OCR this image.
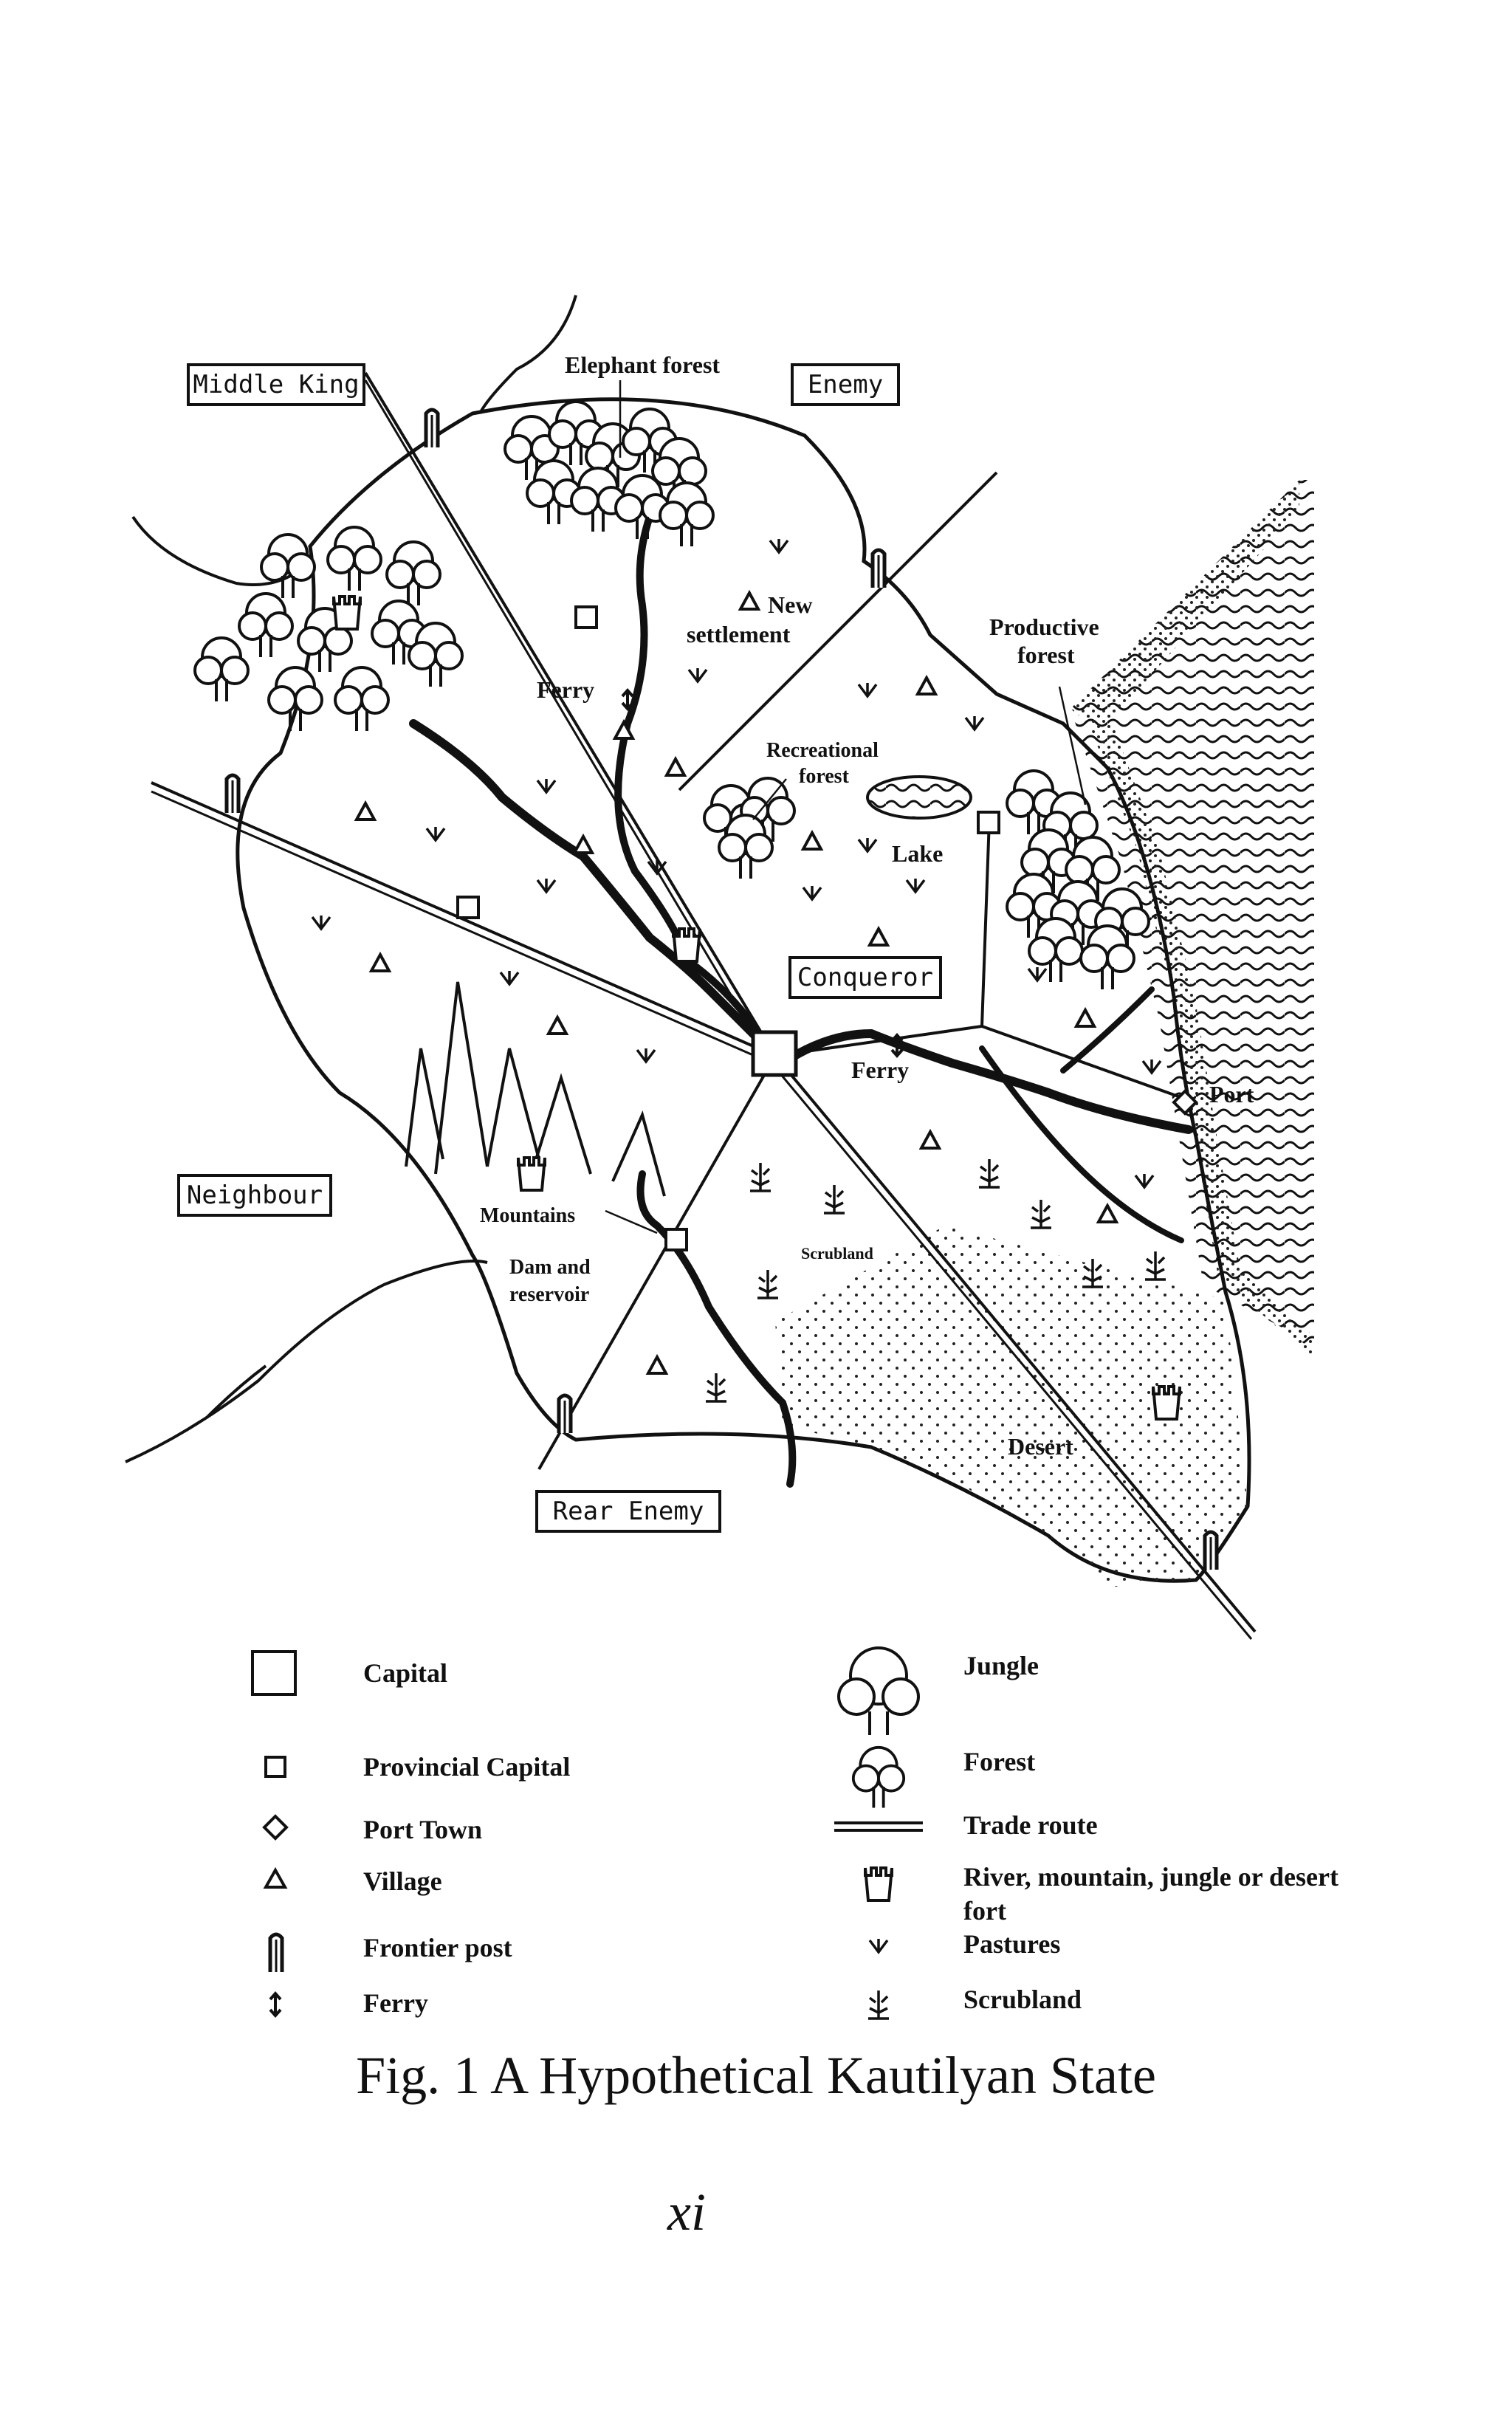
Middle King	Enemy
Neighbour
Conqueror
Rear Enemy
Elephant forest
New
settlement	Productive
forest
Ferry
Recreational
forest
Lake
Ferry
Port
Mountains
Dam and
reservoir
Scrubland
Desert
Capital
Provincial Capital
Port Town
Village
Frontier post
Ferry
Jungle
Forest
Trade route
River, mountain, jungle or desert
fort
Pastures
Scrubland
Fig. 1 A Hypothetical Kautilyan State
xi
